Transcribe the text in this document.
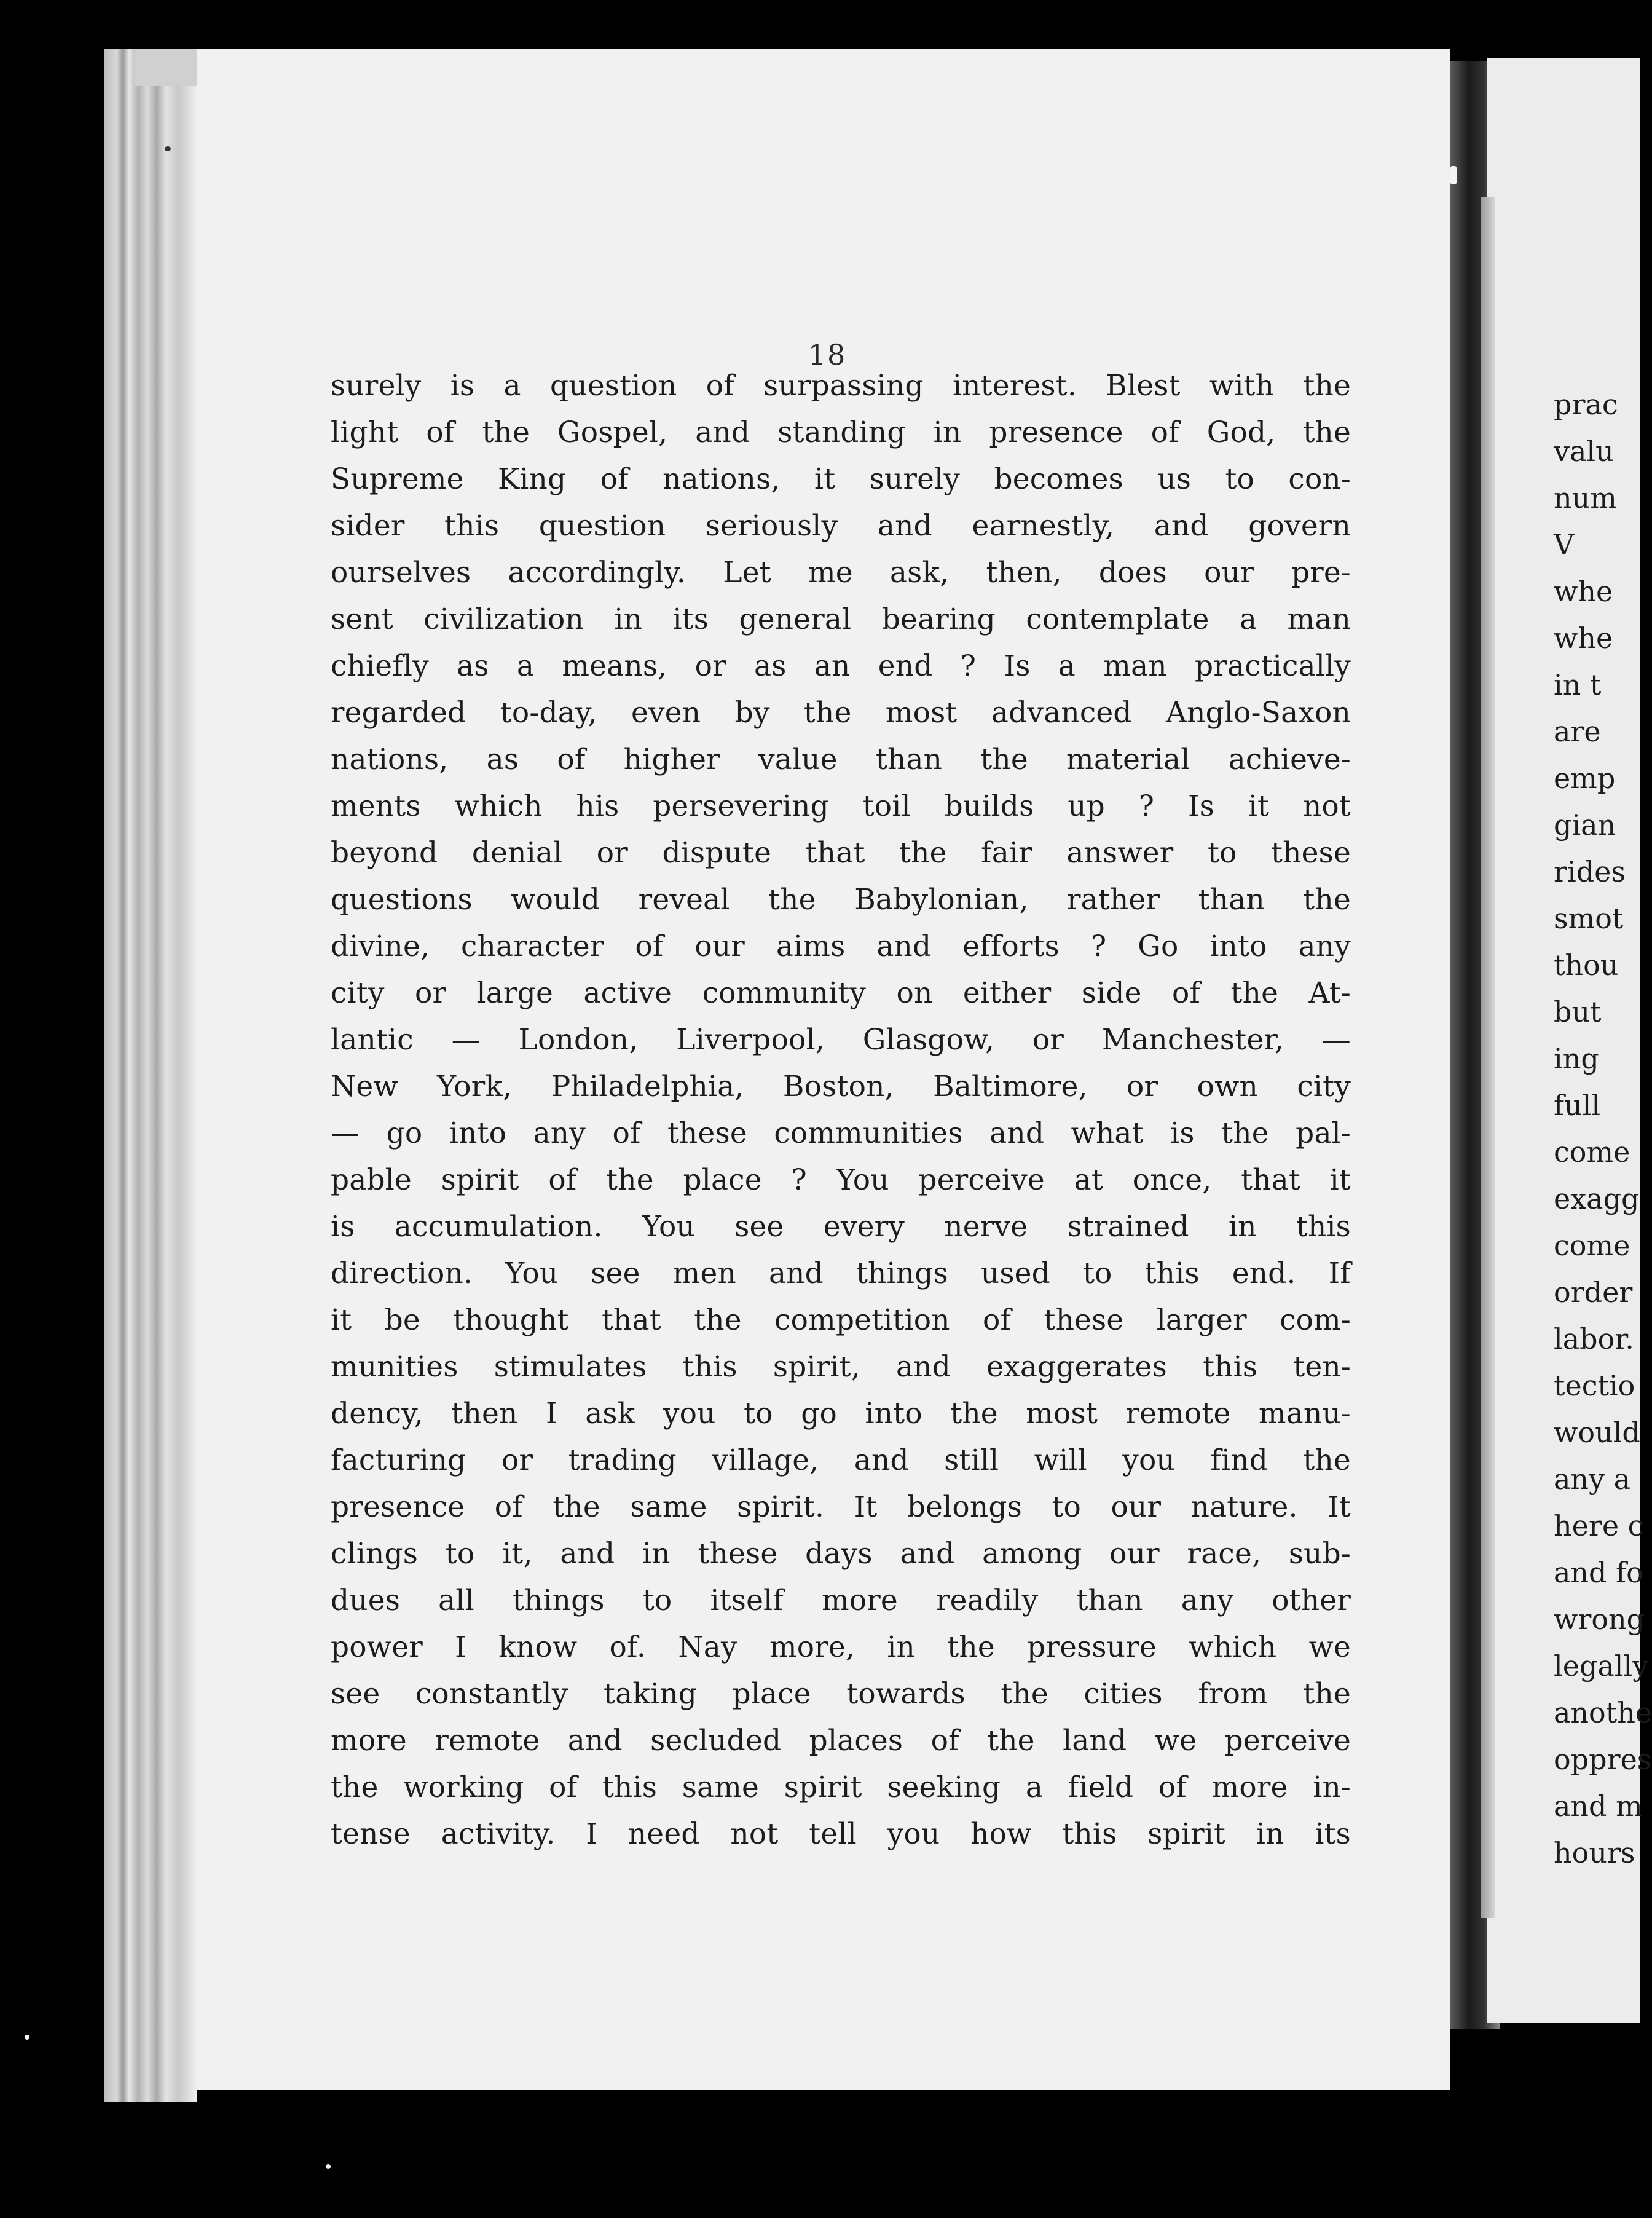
18
surely is a question of surpassing interest. Blest with the
light of the Gospel, and standing in presence of God, the
Supreme King of nations, it surely becomes us to con-
sider this question seriously and earnestly, and govern
ourselves accordingly. Let me ask, then, does our pre-
sent civilization in its general bearing contemplate a man
chiefly as a means, or as an end ? Is a man practically
regarded to-day, even by the most advanced Anglo-Saxon
nations, as of higher value than the material achieve-
ments which his persevering toil builds up ? Is it not
beyond denial or dispute that the fair answer to these
questions would reveal the Babylonian, rather than the
divine, character of our aims and efforts ? Go into any
city or large active community on either side of the At-
lantic — London, Liverpool, Glasgow, or Manchester, —
New York, Philadelphia, Boston, Baltimore, or own city
— go into any of these communities and what is the pal-
pable spirit of the place ? You perceive at once, that it
is accumulation. You see every nerve strained in this
direction. You see men and things used to this end. If
it be thought that the competition of these larger com-
munities stimulates this spirit, and exaggerates this ten-
dency, then I ask you to go into the most remote manu-
facturing or trading village, and still will you find the
presence of the same spirit. It belongs to our nature. It
clings to it, and in these days and among our race, sub-
dues all things to itself more readily than any other
power I know of. Nay more, in the pressure which we
see constantly taking place towards the cities from the
more remote and secluded places of the land we perceive
the working of this same spirit seeking a field of more in-
tense activity. I need not tell you how this spirit in its
prac
valu
num
V
whe
whe
in t
are
emp
gian
rides
smot
thou
but
ing
full
come
exagg
come
order
labor.
tectio
would
any a
here c
and fo
wrong
legally
anothe
oppres
and m
hours
